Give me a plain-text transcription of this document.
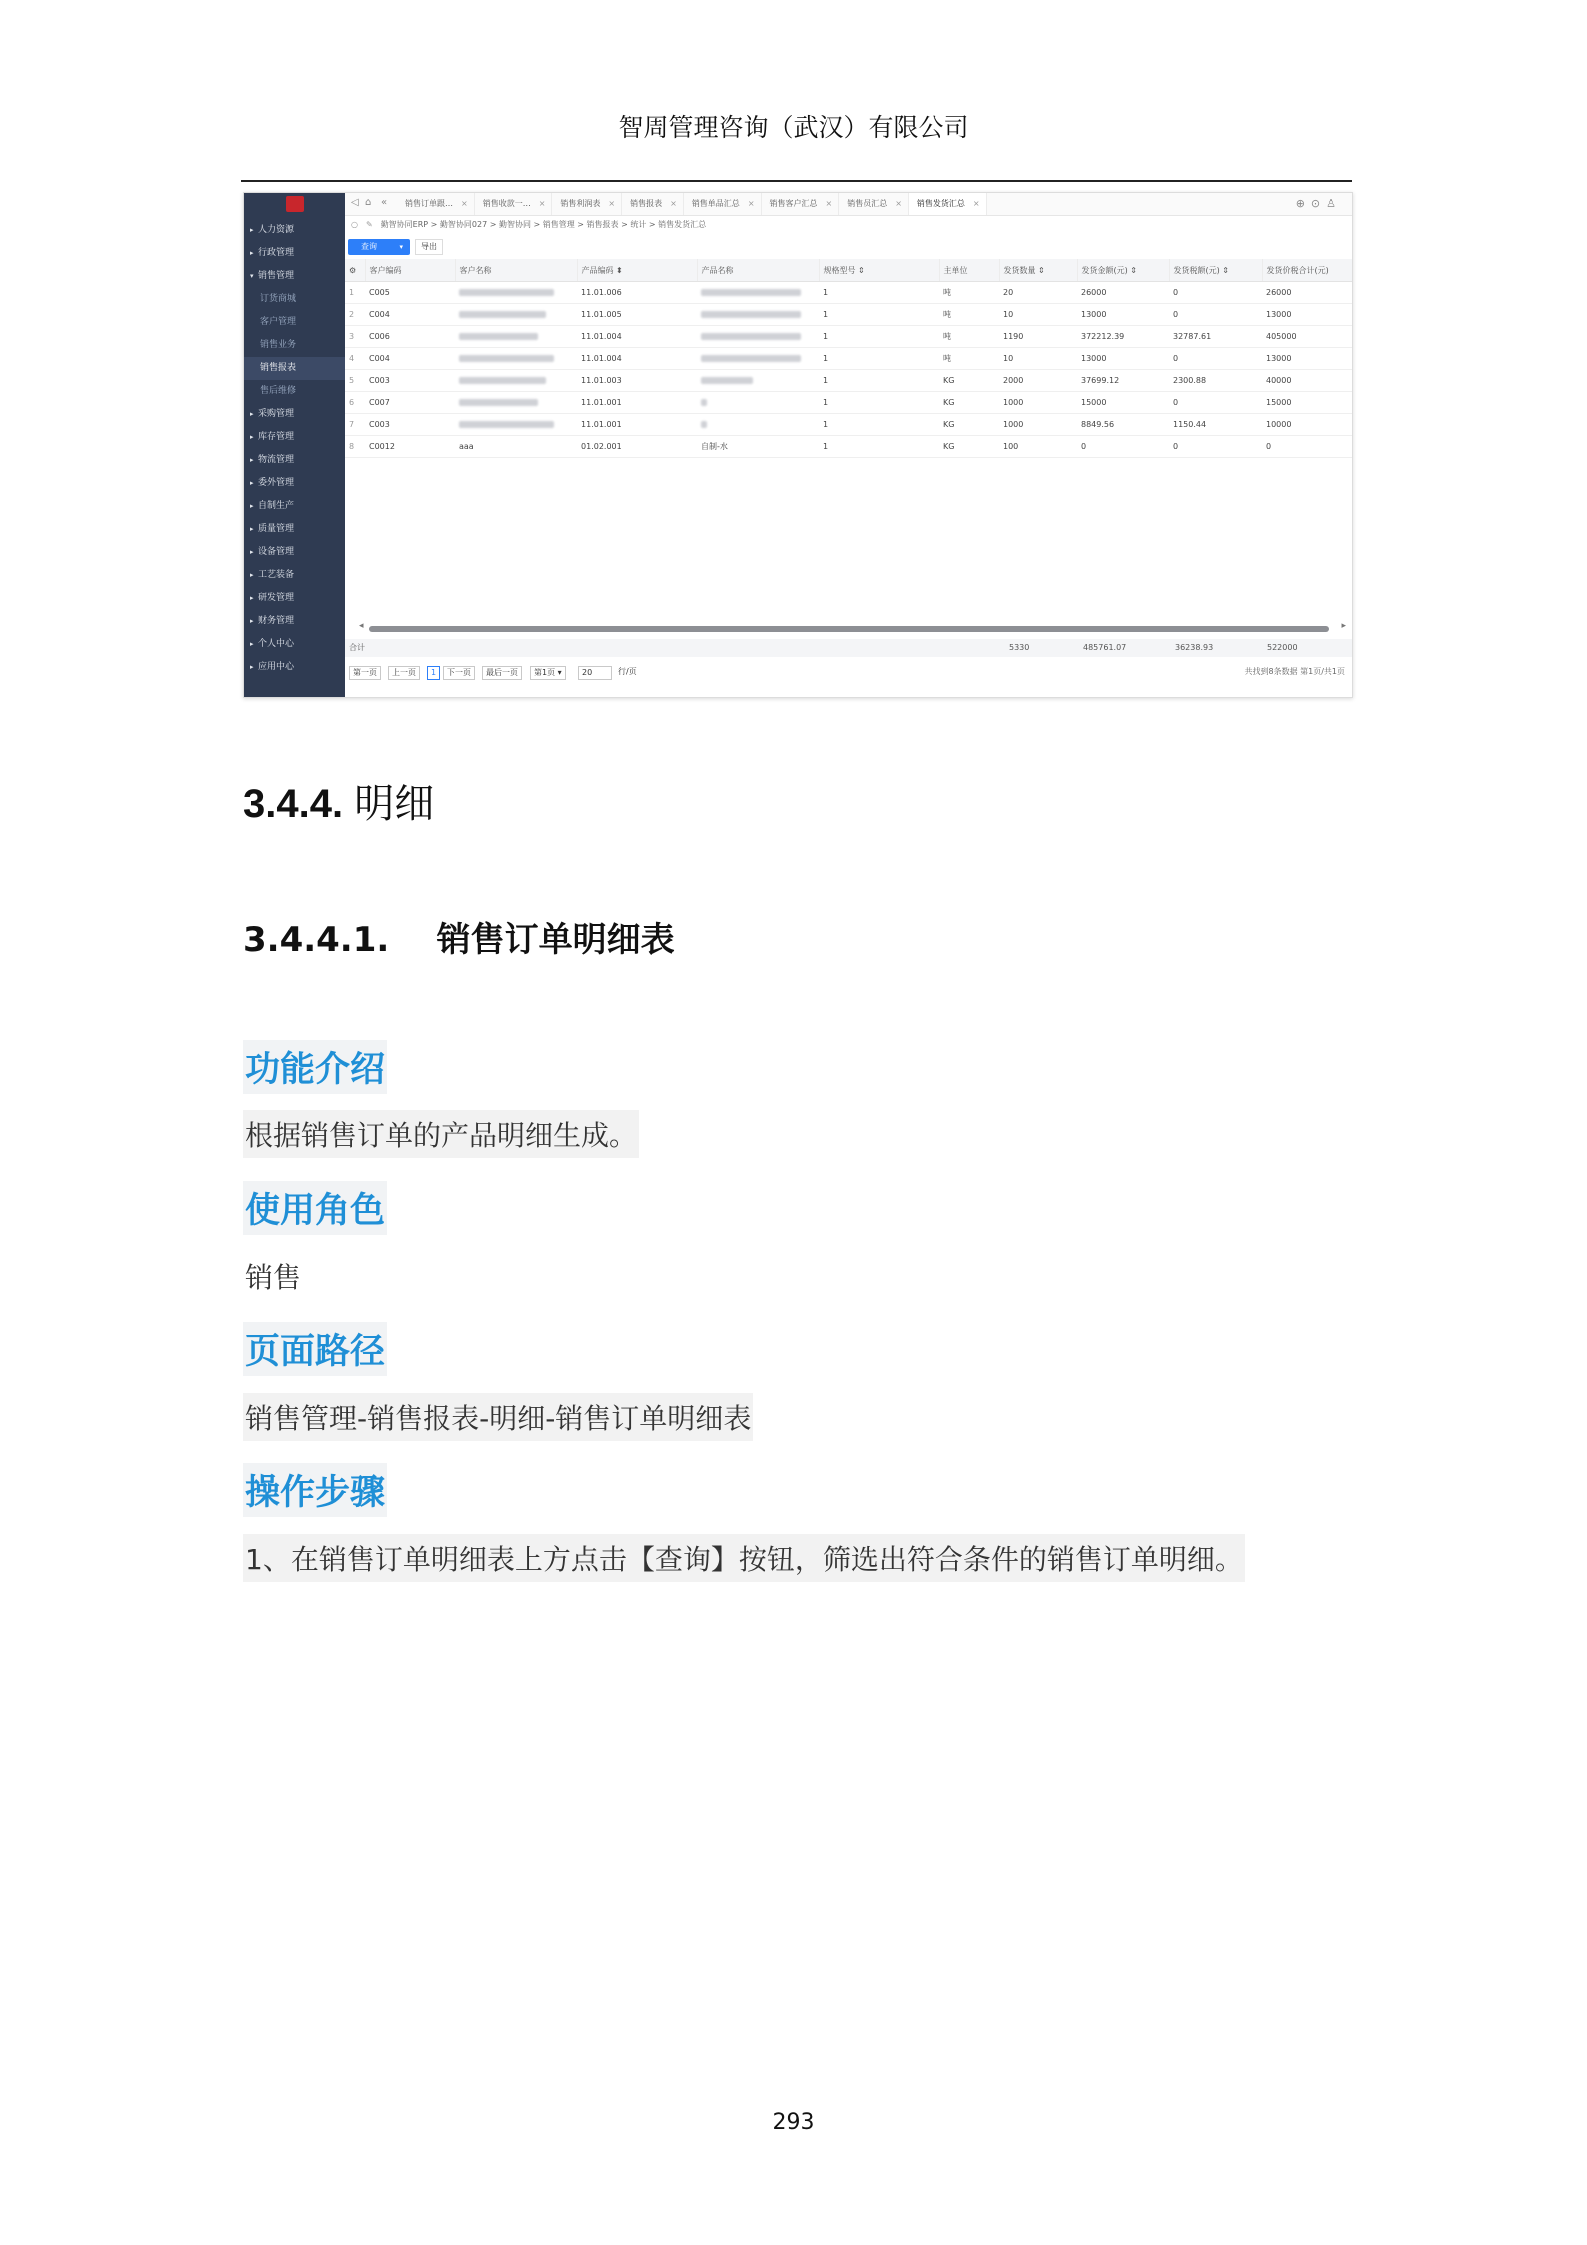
智周管理咨询（武汉）有限公司
▸ 人力资源
▸ 行政管理
▾ 销售管理
订货商城
客户管理
销售业务
销售报表
售后维修
▸ 采购管理
▸ 库存管理
▸ 物流管理
▸ 委外管理
▸ 自制生产
▸ 质量管理
▸ 设备管理
▸ 工艺装备
▸ 研发管理
▸ 财务管理
▸ 个人中心
▸ 应用中心
◁ ⌂ «	销售订单跟… ×	销售收款一… ×	销售利润表 ×	销售报表 ×	销售单品汇总 ×	销售客户汇总 ×	销售员汇总 ×	销售发货汇总 ×	⊕⊙♙
○ ✎ 勤智协同ERP > 勤智协同027 > 勤智协同 > 销售管理 > 销售报表 > 统计 > 销售发货汇总
查询	▾	导出
⚙	客户编码	客户名称	产品编码 ⬍	产品名称	规格型号 ⇕	主单位	发货数量 ⇕	发货金额(元) ⇕	发货税额(元) ⇕	发货价税合计(元)
1	C005		11.01.006		1	吨	20	26000	0	26000
2	C004		11.01.005		1	吨	10	13000	0	13000
3	C006		11.01.004		1	吨	1190	372212.39	32787.61	405000
4	C004		11.01.004		1	吨	10	13000	0	13000
5	C003		11.01.003		1	KG	2000	37699.12	2300.88	40000
6	C007		11.01.001		1	KG	1000	15000	0	15000
7	C003		11.01.001		1	KG	1000	8849.56	1150.44	10000
8	C0012	aaa	01.02.001	自制-水	1	KG	100	0	0	0
◂	▸
合计	5330	485761.07	36238.93	522000
第一页	上一页	1	下一页	最后一页	第1页 ▾	20	行/页	共找到8条数据 第1页/共1页
3.4.4. 明细
3.4.4.1. 销售订单明细表
功能介绍
根据销售订单的产品明细生成。
使用角色
销售
页面路径
销售管理-销售报表-明细-销售订单明细表
操作步骤
1、在销售订单明细表上方点击【查询】按钮，筛选出符合条件的销售订单明细。
293
